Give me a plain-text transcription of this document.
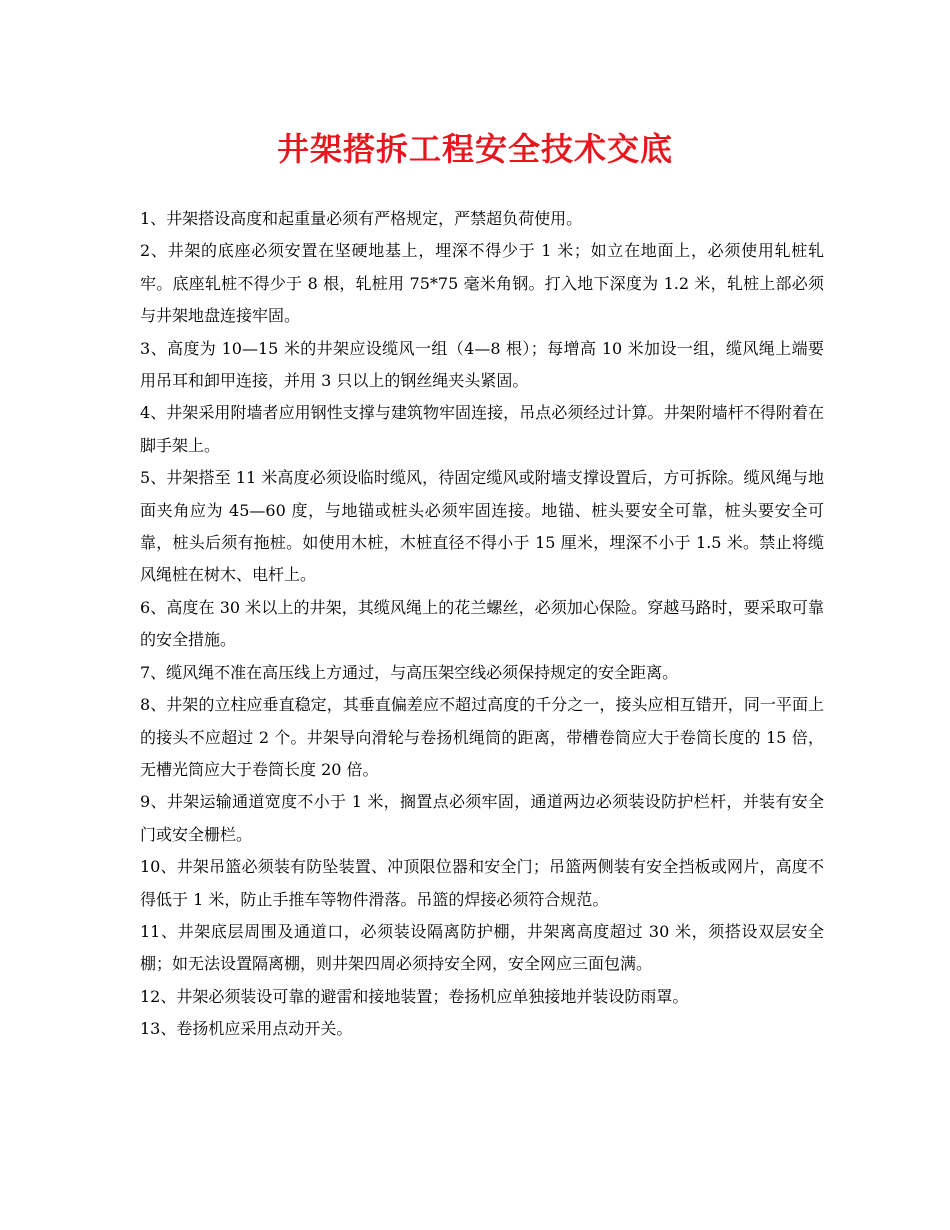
井架搭拆工程安全技术交底

1、井架搭设高度和起重量必须有严格规定，严禁超负荷使用。

2、井架的底座必须安置在坚硬地基上，埋深不得少于 1 米；如立在地面上，必须使用轧桩轧牢。底座轧桩不得少于 8 根，轧桩用 75*75 毫米角钢。打入地下深度为 1.2 米，轧桩上部必须与井架地盘连接牢固。

3、高度为 10—15 米的井架应设缆风一组（4—8 根）；每增高 10 米加设一组，缆风绳上端要用吊耳和卸甲连接，并用 3 只以上的钢丝绳夹头紧固。

4、井架采用附墙者应用钢性支撑与建筑物牢固连接，吊点必须经过计算。井架附墙杆不得附着在脚手架上。

5、井架搭至 11 米高度必须设临时缆风，待固定缆风或附墙支撑设置后，方可拆除。缆风绳与地面夹角应为 45—60 度，与地锚或桩头必须牢固连接。地锚、桩头要安全可靠，桩头要安全可靠，桩头后须有拖桩。如使用木桩，木桩直径不得小于 15 厘米，埋深不小于 1.5 米。禁止将缆风绳桩在树木、电杆上。

6、高度在 30 米以上的井架，其缆风绳上的花兰螺丝，必须加心保险。穿越马路时，要采取可靠的安全措施。

7、缆风绳不准在高压线上方通过，与高压架空线必须保持规定的安全距离。

8、井架的立柱应垂直稳定，其垂直偏差应不超过高度的千分之一，接头应相互错开，同一平面上的接头不应超过 2 个。井架导向滑轮与卷扬机绳筒的距离，带槽卷筒应大于卷筒长度的 15 倍，无槽光筒应大于卷筒长度 20 倍。

9、井架运输通道宽度不小于 1 米，搁置点必须牢固，通道两边必须装设防护栏杆，并装有安全门或安全栅栏。

10、井架吊篮必须装有防坠装置、冲顶限位器和安全门；吊篮两侧装有安全挡板或网片，高度不得低于 1 米，防止手推车等物件滑落。吊篮的焊接必须符合规范。

11、井架底层周围及通道口，必须装设隔离防护棚，井架离高度超过 30 米，须搭设双层安全棚；如无法设置隔离棚，则井架四周必须持安全网，安全网应三面包满。

12、井架必须装设可靠的避雷和接地装置；卷扬机应单独接地并装设防雨罩。

13、卷扬机应采用点动开关。
